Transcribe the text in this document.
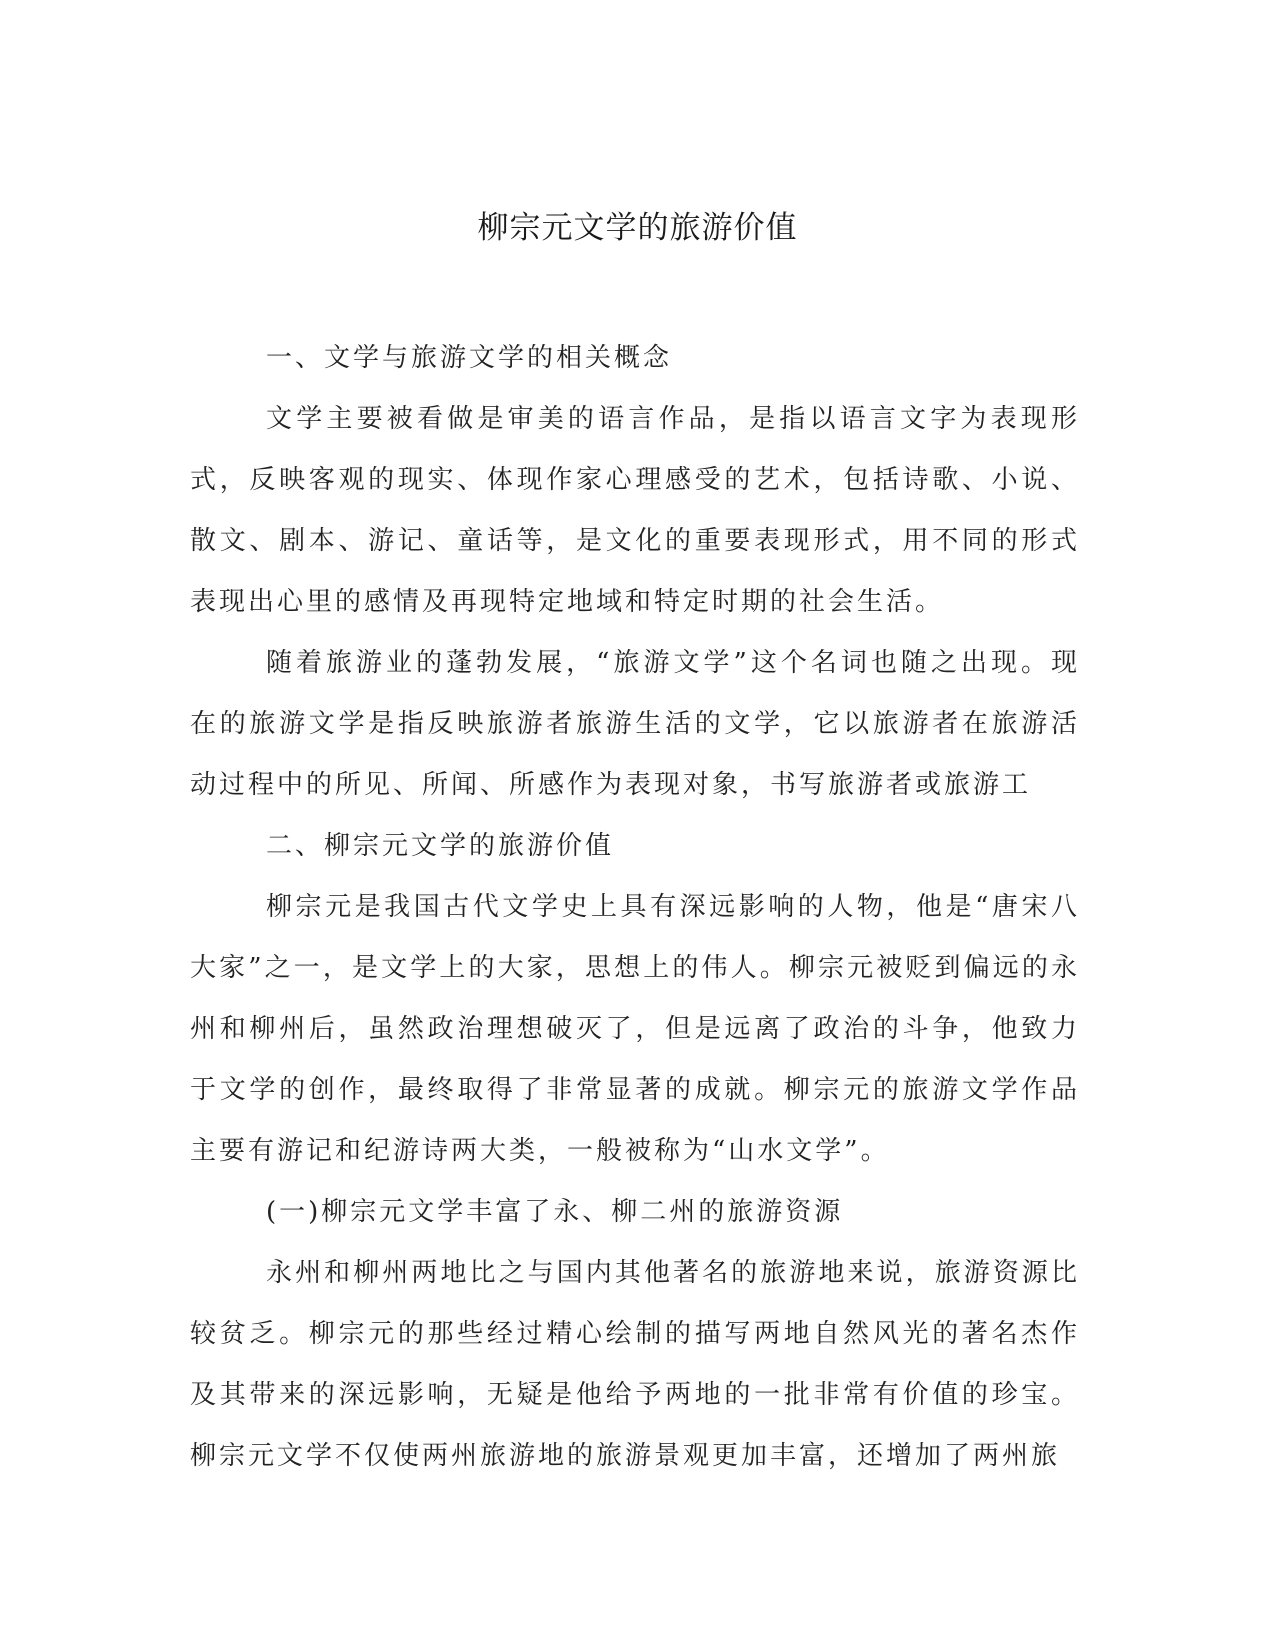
柳宗元文学的旅游价值

一、文学与旅游文学的相关概念

文学主要被看做是审美的语言作品，是指以语言文字为表现形式，反映客观的现实、体现作家心理感受的艺术，包括诗歌、小说、散文、剧本、游记、童话等，是文化的重要表现形式，用不同的形式表现出心里的感情及再现特定地域和特定时期的社会生活。

随着旅游业的蓬勃发展，“旅游文学”这个名词也随之出现。现在的旅游文学是指反映旅游者旅游生活的文学，它以旅游者在旅游活动过程中的所见、所闻、所感作为表现对象，书写旅游者或旅游工

二、柳宗元文学的旅游价值

柳宗元是我国古代文学史上具有深远影响的人物，他是“唐宋八大家”之一，是文学上的大家，思想上的伟人。柳宗元被贬到偏远的永州和柳州后，虽然政治理想破灭了，但是远离了政治的斗争，他致力于文学的创作，最终取得了非常显著的成就。柳宗元的旅游文学作品主要有游记和纪游诗两大类，一般被称为“山水文学”。

(一)柳宗元文学丰富了永、柳二州的旅游资源

永州和柳州两地比之与国内其他著名的旅游地来说，旅游资源比较贫乏。柳宗元的那些经过精心绘制的描写两地自然风光的著名杰作及其带来的深远影响，无疑是他给予两地的一批非常有价值的珍宝。柳宗元文学不仅使两州旅游地的旅游景观更加丰富，还增加了两州旅
